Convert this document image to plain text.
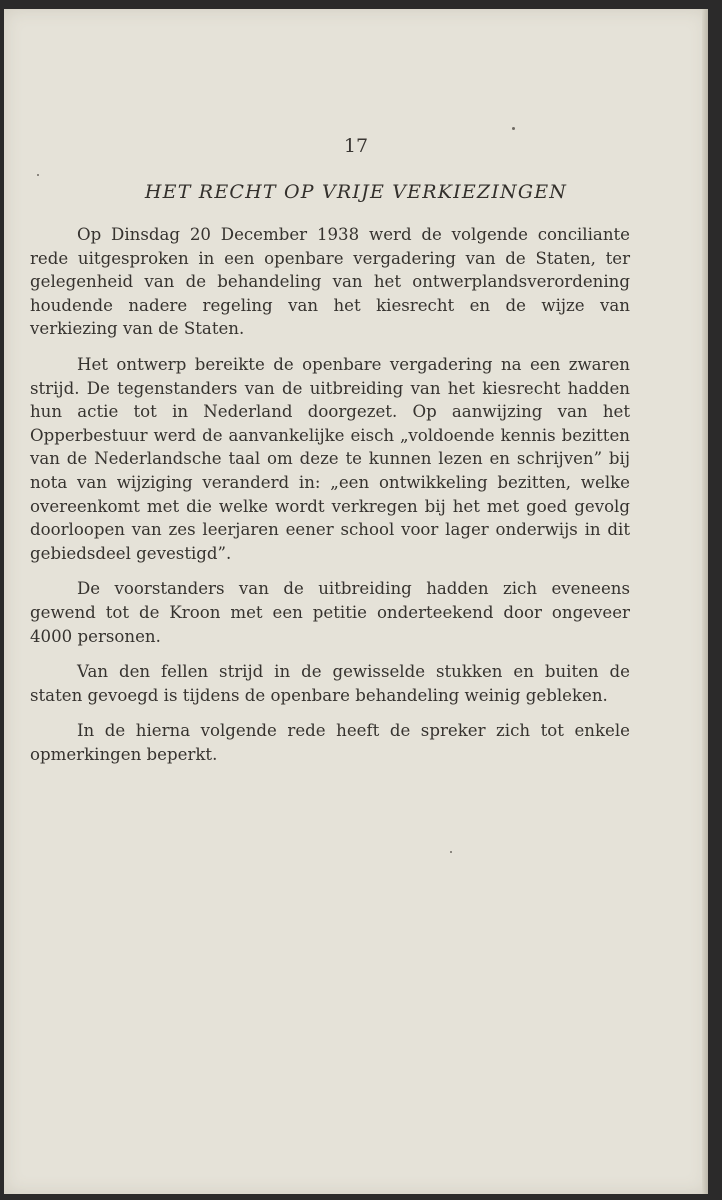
17

HET RECHT OP VRIJE VERKIEZINGEN

Op Dinsdag 20 December 1938 werd de volgende conciliante rede uitgesproken in een openbare vergadering van de Staten, ter gelegenheid van de behandeling van het ontwerplandsverordening houdende nadere regeling van het kiesrecht en de wijze van verkiezing van de Staten.

Het ontwerp bereikte de openbare vergadering na een zwaren strijd. De tegenstanders van de uitbreiding van het kiesrecht hadden hun actie tot in Nederland doorgezet. Op aanwijzing van het Opperbestuur werd de aanvankelijke eisch „voldoende kennis bezitten van de Nederlandsche taal om deze te kunnen lezen en schrijven” bij nota van wijziging veranderd in: „een ontwikkeling bezitten, welke overeenkomt met die welke wordt verkregen bij het met goed gevolg doorloopen van zes leerjaren eener school voor lager onderwijs in dit gebiedsdeel gevestigd”.

De voorstanders van de uitbreiding hadden zich eveneens gewend tot de Kroon met een petitie onderteekend door ongeveer 4000 personen.

Van den fellen strijd in de gewisselde stukken en buiten de staten gevoegd is tijdens de openbare behandeling weinig gebleken.

In de hierna volgende rede heeft de spreker zich tot enkele opmerkingen beperkt.
